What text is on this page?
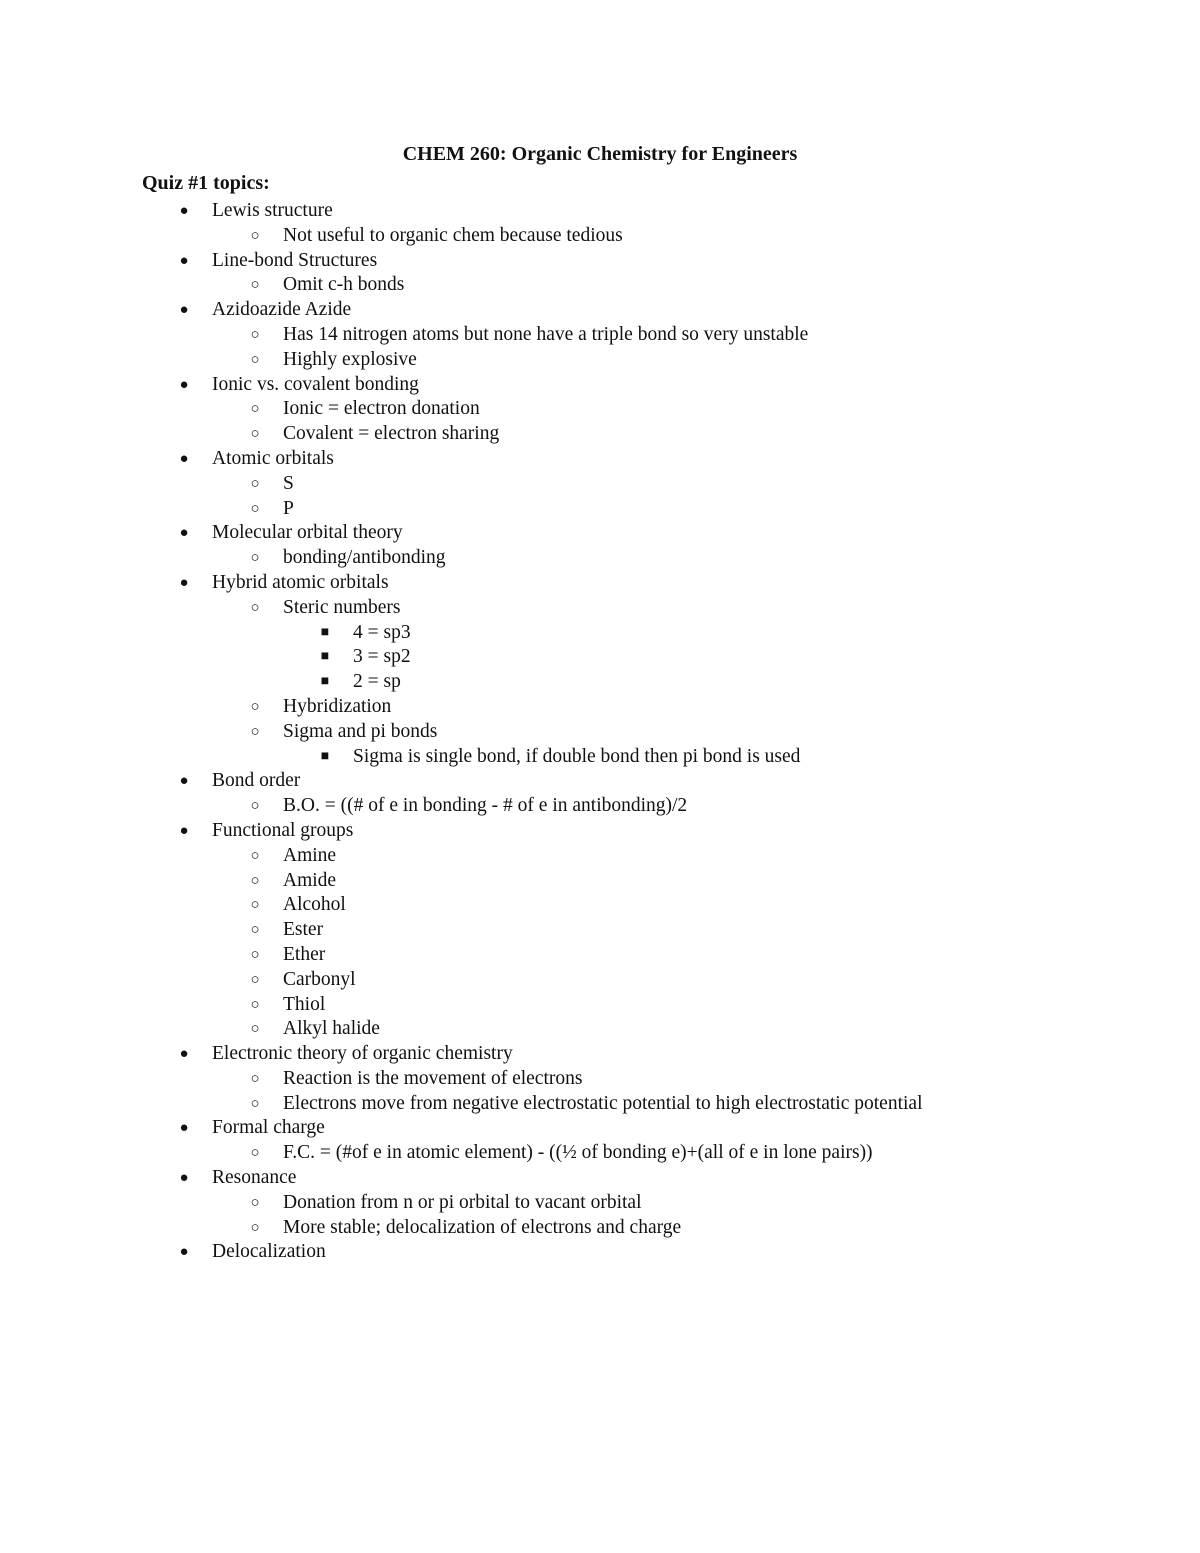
CHEM 260: Organic Chemistry for Engineers
Quiz #1 topics:
● Lewis structure
○ Not useful to organic chem because tedious
● Line-bond Structures
○ Omit c-h bonds
● Azidoazide Azide
○ Has 14 nitrogen atoms but none have a triple bond so very unstable
○ Highly explosive
● Ionic vs. covalent bonding
○ Ionic = electron donation
○ Covalent = electron sharing
● Atomic orbitals
○ S
○ P
● Molecular orbital theory
○ bonding/antibonding
● Hybrid atomic orbitals
○ Steric numbers
■ 4 = sp3
■ 3 = sp2
■ 2 = sp
○ Hybridization
○ Sigma and pi bonds
■ Sigma is single bond, if double bond then pi bond is used
● Bond order
○ B.O. = ((# of e in bonding - # of e in antibonding)/2
● Functional groups
○ Amine
○ Amide
○ Alcohol
○ Ester
○ Ether
○ Carbonyl
○ Thiol
○ Alkyl halide
● Electronic theory of organic chemistry
○ Reaction is the movement of electrons
○ Electrons move from negative electrostatic potential to high electrostatic potential
● Formal charge
○ F.C. = (#of e in atomic element) - ((½ of bonding e)+(all of e in lone pairs))
● Resonance
○ Donation from n or pi orbital to vacant orbital
○ More stable; delocalization of electrons and charge
● Delocalization
